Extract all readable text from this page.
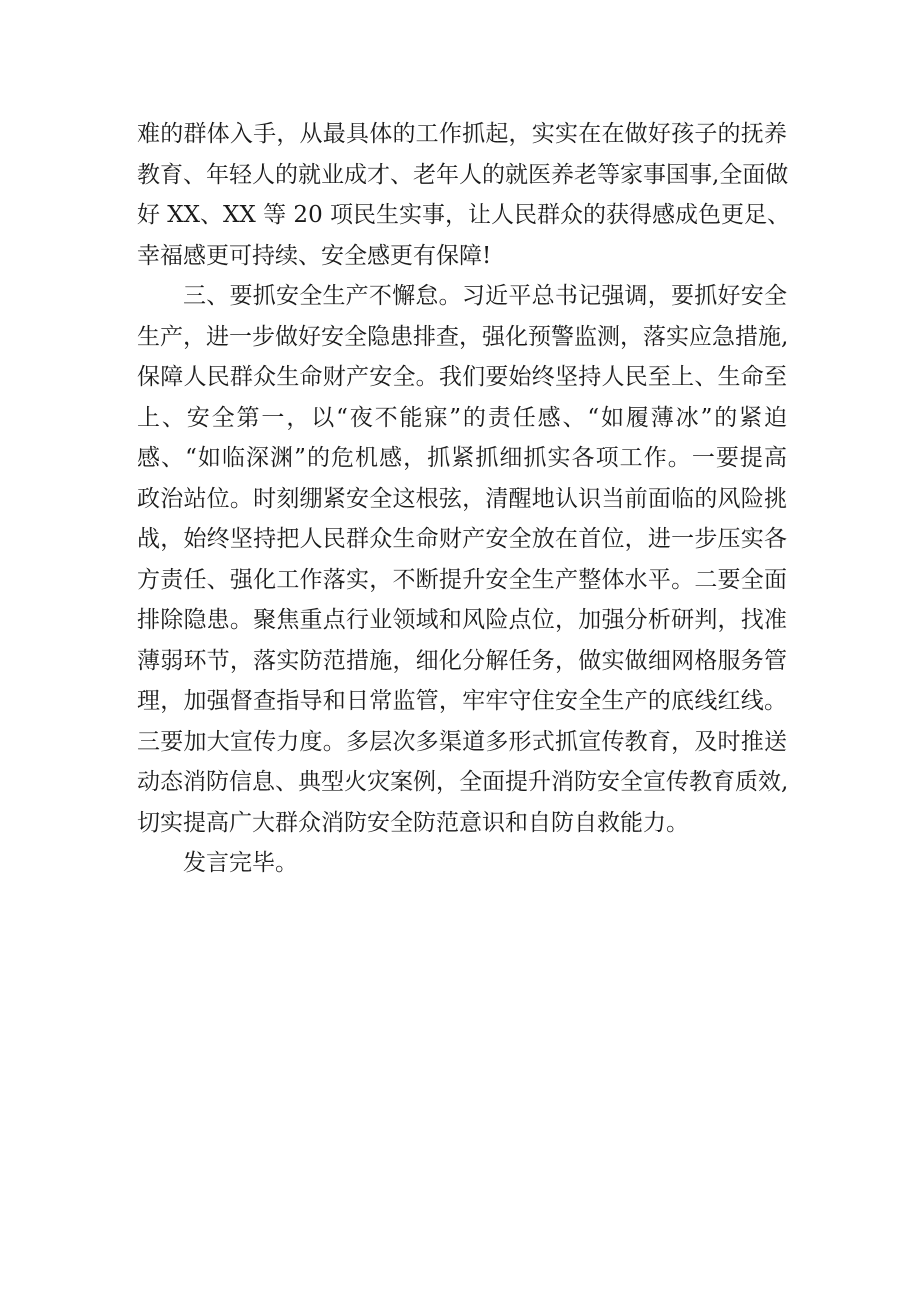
难的群体入手，从最具体的工作抓起，实实在在做好孩子的抚养
教育、年轻人的就业成才、老年人的就医养老等家事国事,全面做
好 XX、XX 等 20 项民生实事，让人民群众的获得感成色更足、
幸福感更可持续、安全感更有保障!
三、要抓安全生产不懈怠。习近平总书记强调，要抓好安全
生产，进一步做好安全隐患排查，强化预警监测，落实应急措施,
保障人民群众生命财产安全。我们要始终坚持人民至上、生命至
上、安全第一，以“夜不能寐”的责任感、“如履薄冰”的紧迫
感、“如临深渊”的危机感，抓紧抓细抓实各项工作。一要提高
政治站位。时刻绷紧安全这根弦，清醒地认识当前面临的风险挑
战，始终坚持把人民群众生命财产安全放在首位，进一步压实各
方责任、强化工作落实，不断提升安全生产整体水平。二要全面
排除隐患。聚焦重点行业领域和风险点位，加强分析研判，找准
薄弱环节，落实防范措施，细化分解任务，做实做细网格服务管
理，加强督查指导和日常监管，牢牢守住安全生产的底线红线。
三要加大宣传力度。多层次多渠道多形式抓宣传教育，及时推送
动态消防信息、典型火灾案例，全面提升消防安全宣传教育质效,
切实提高广大群众消防安全防范意识和自防自救能力。
发言完毕。
